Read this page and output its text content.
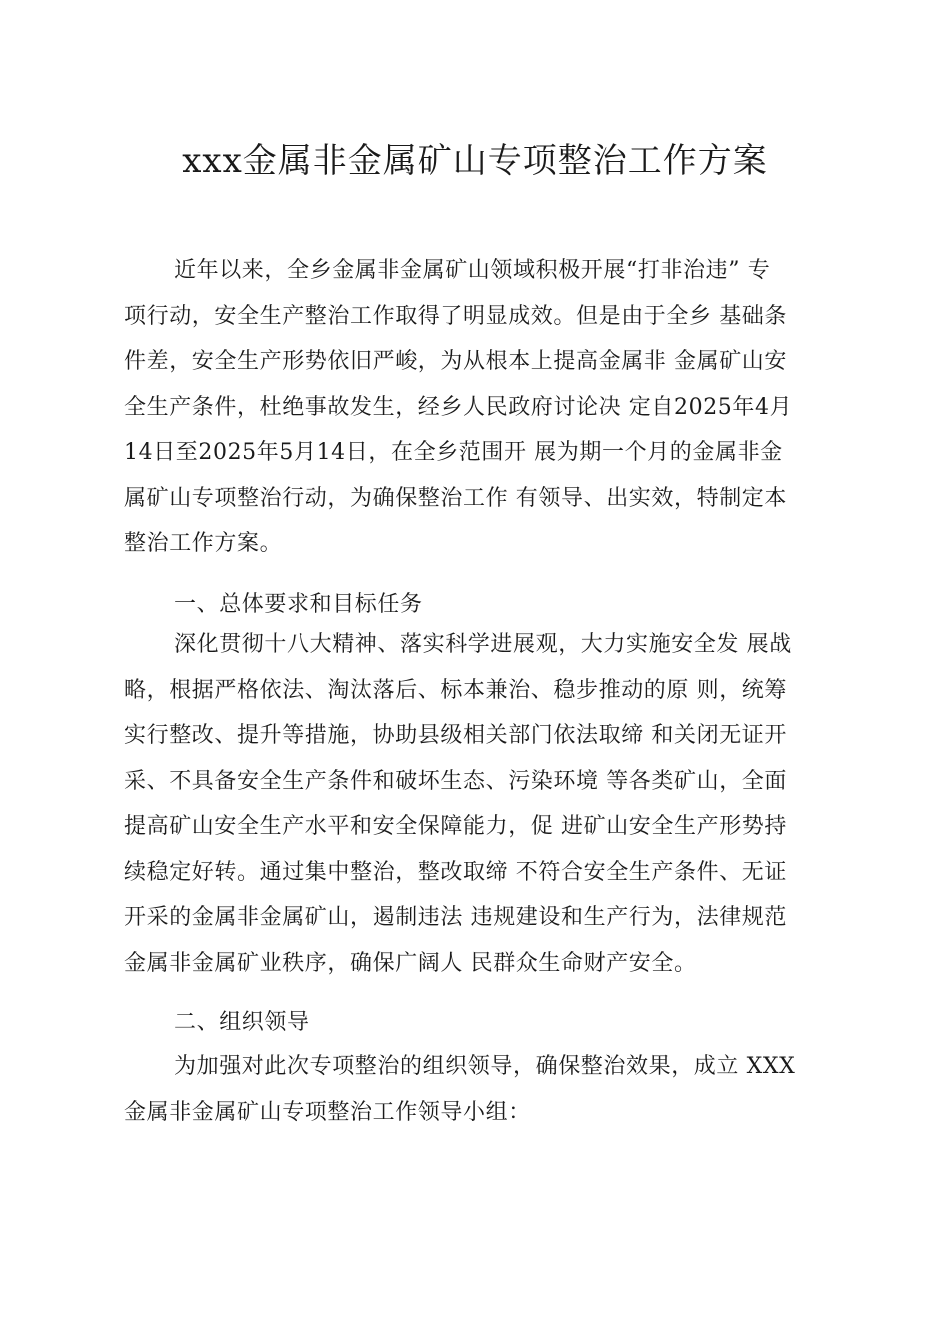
xxx金属非金属矿山专项整治工作方案

近年以来，全乡金属非金属矿山领域积极开展“打非治违” 专
项行动，安全生产整治工作取得了明显成效。但是由于全乡 基础条
件差，安全生产形势依旧严峻，为从根本上提高金属非 金属矿山安
全生产条件，杜绝事故发生，经乡人民政府讨论决 定自2025年4月
14日至2025年5月14日，在全乡范围开 展为期一个月的金属非金
属矿山专项整治行动，为确保整治工作 有领导、出实效，特制定本
整治工作方案。

一、总体要求和目标任务

深化贯彻十八大精神、落实科学进展观，大力实施安全发 展战
略，根据严格依法、淘汰落后、标本兼治、稳步推动的原 则，统筹
实行整改、提升等措施，协助县级相关部门依法取缔 和关闭无证开
采、不具备安全生产条件和破坏生态、污染环境 等各类矿山，全面
提高矿山安全生产水平和安全保障能力，促 进矿山安全生产形势持
续稳定好转。通过集中整治，整改取缔 不符合安全生产条件、无证
开采的金属非金属矿山，遏制违法 违规建设和生产行为，法律规范
金属非金属矿业秩序，确保广阔人 民群众生命财产安全。

二、组织领导

为加强对此次专项整治的组织领导，确保整治效果，成立 XXX
金属非金属矿山专项整治工作领导小组：
